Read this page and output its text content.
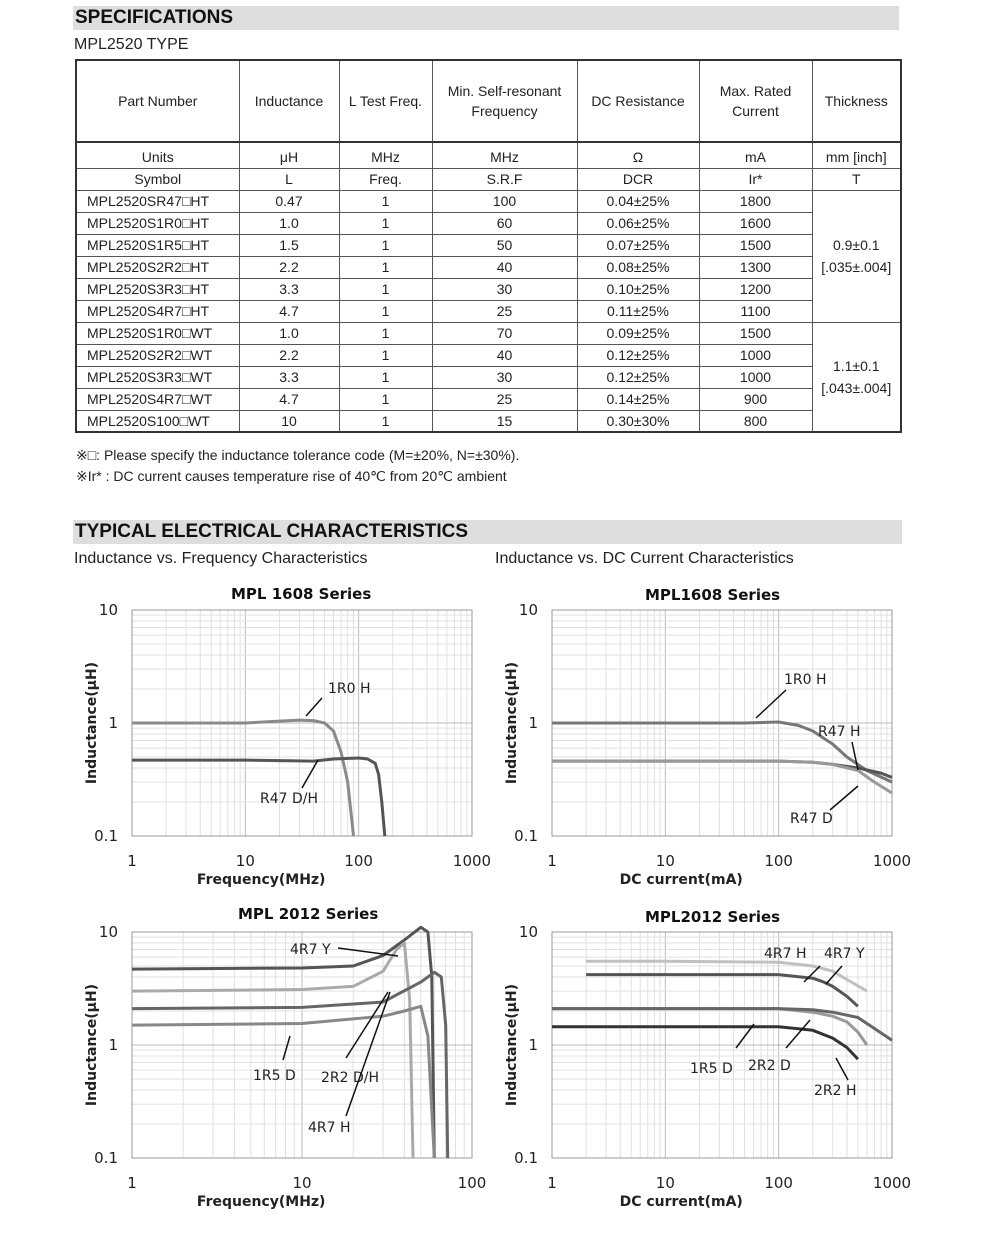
SPECIFICATIONS
MPL2520 TYPE
Part Number	Inductance	L Test Freq.	Min. Self-resonant Frequency	DC Resistance	Max. Rated Current	Thickness
Units	μH	MHz	MHz	Ω	mA	mm [inch]
Symbol	L	Freq.	S.R.F	DCR	Ir*	T
MPL2520SR47□HT	0.47	1	100	0.04±25%	1800	0.9±0.1
[.035±.004]

MPL2520S1R0□HT	1.0	1	60	0.06±25%	1600	
MPL2520S1R5□HT	1.5	1	50	0.07±25%	1500	
MPL2520S2R2□HT	2.2	1	40	0.08±25%	1300	
MPL2520S3R3□HT	3.3	1	30	0.10±25%	1200	
MPL2520S4R7□HT	4.7	1	25	0.11±25%	1100	
MPL2520S1R0□WT	1.0	1	70	0.09±25%	1500	1.1±0.1
[.043±.004]

MPL2520S2R2□WT	2.2	1	40	0.12±25%	1000	
MPL2520S3R3□WT	3.3	1	30	0.12±25%	1000	
MPL2520S4R7□WT	4.7	1	25	0.14±25%	900	
MPL2520S100□WT	10	1	15	0.30±30%	800	
※□: Please specify the inductance tolerance code (M=±20%, N=±30%).
※Ir* : DC current causes temperature rise of 40℃ from 20℃ ambient
TYPICAL ELECTRICAL CHARACTERISTICS
Inductance vs. Frequency Characteristics	Inductance vs. DC Current Characteristics
MPL 1608 Series	MPL1608 Series
MPL 2012 Series	MPL2012 Series
1	10	100	1000
10
1
0.1
Frequency(MHz)
Inductance(μH)	1R0 H
R47 D/H
1	10	100	1000
10
1
0.1
DC current(mA)
Inductance(μH)	1R0 H
R47 H
R47 D
1	10	100
10
1
0.1
Frequency(MHz)
Inductance(μH)
4R7 Y
1R5 D 2R2 D/H
4R7 H
1	10	100	1000
10
1
0.1
DC current(mA)
Inductance(μH)
4R7 H 4R7 Y
1R5 D 2R2 D
2R2 H
